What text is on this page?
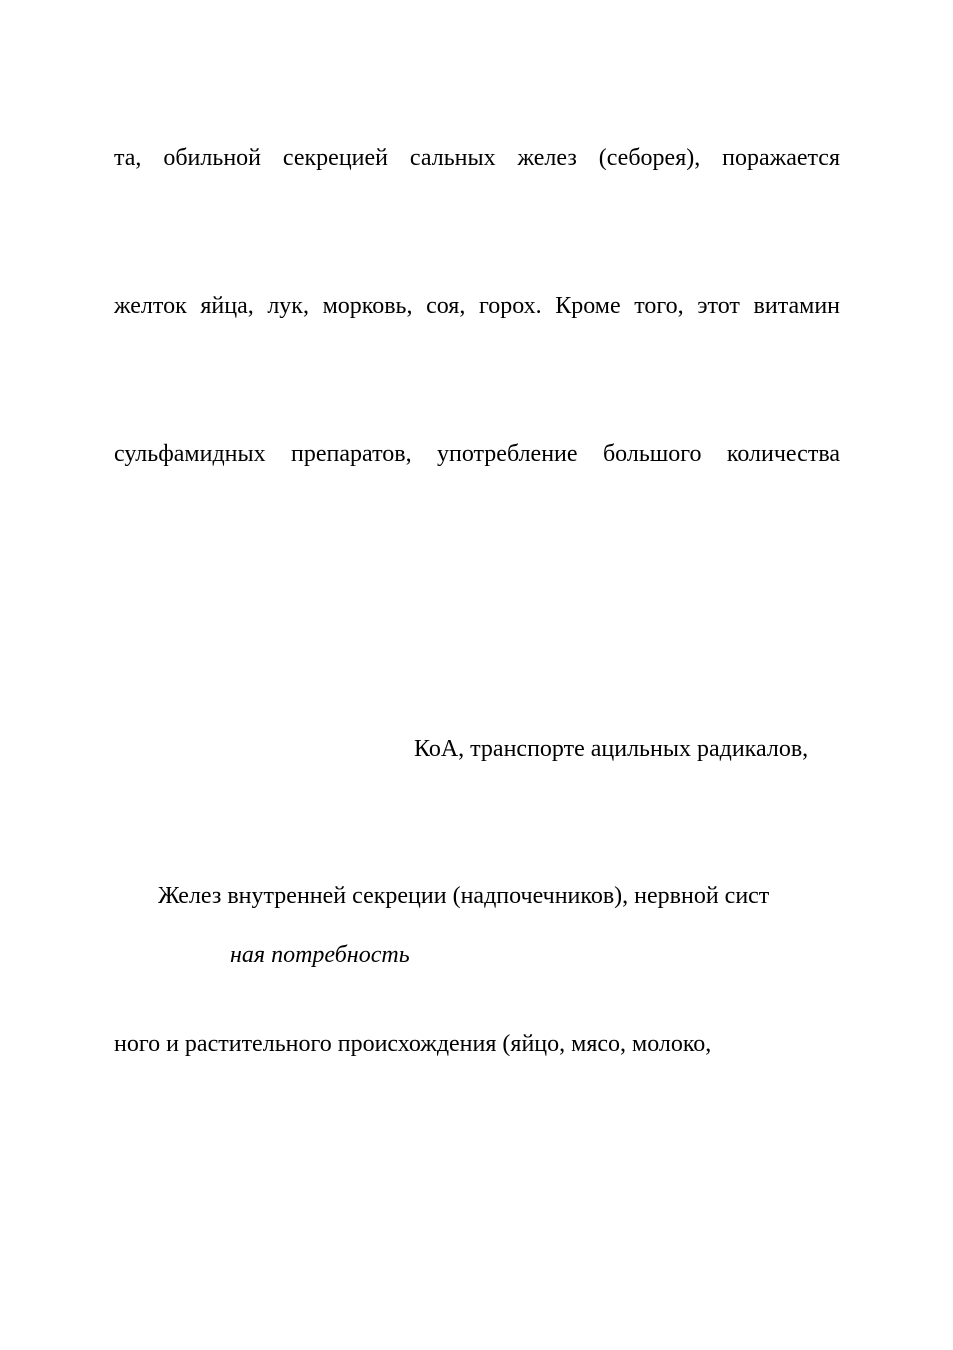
та, обильной секрецией сальных желез (себорея), поражается
желток яйца, лук, морковь, соя, горох. Кроме того, этот витамин
сульфамидных препаратов, употребление большого количества
КоА, транспорте ацильных радикалов,
Желез внутренней секреции (надпочечников), нервной сист
ная потребность
ного и растительного происхождения (яйцо, мясо, молоко,
